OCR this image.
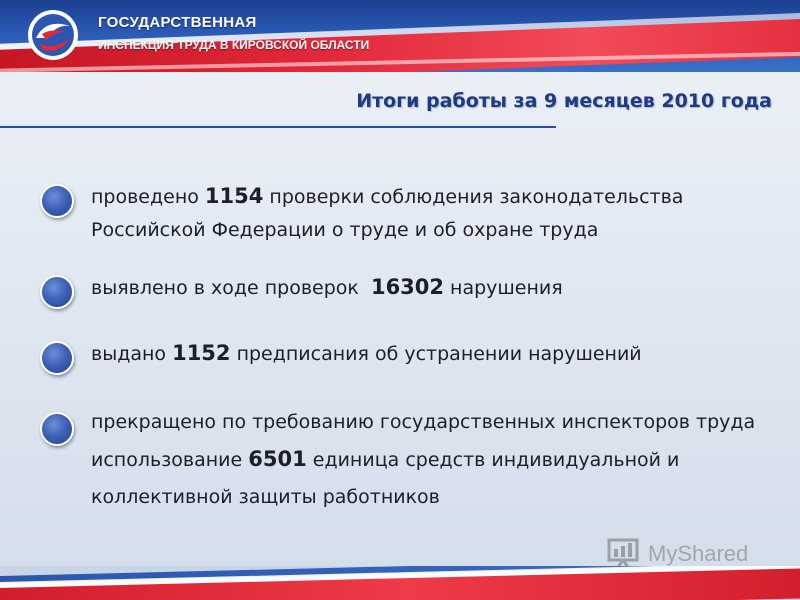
ГОСУДАРСТВЕННАЯ
ИНСПЕКЦИЯ ТРУДА В КИРОВСКОЙ ОБЛАСТИ
Итоги работы за 9 месяцев 2010 года
проведено 1154 проверки соблюдения законодательства Российской Федерации о труде и об охране труда
выявлено в ходе проверок  16302 нарушения
выдано 1152 предписания об устранении нарушений
прекращено по требованию государственных инспекторов труда использование 6501 единица средств индивидуальной и коллективной защиты работников
MyShared
